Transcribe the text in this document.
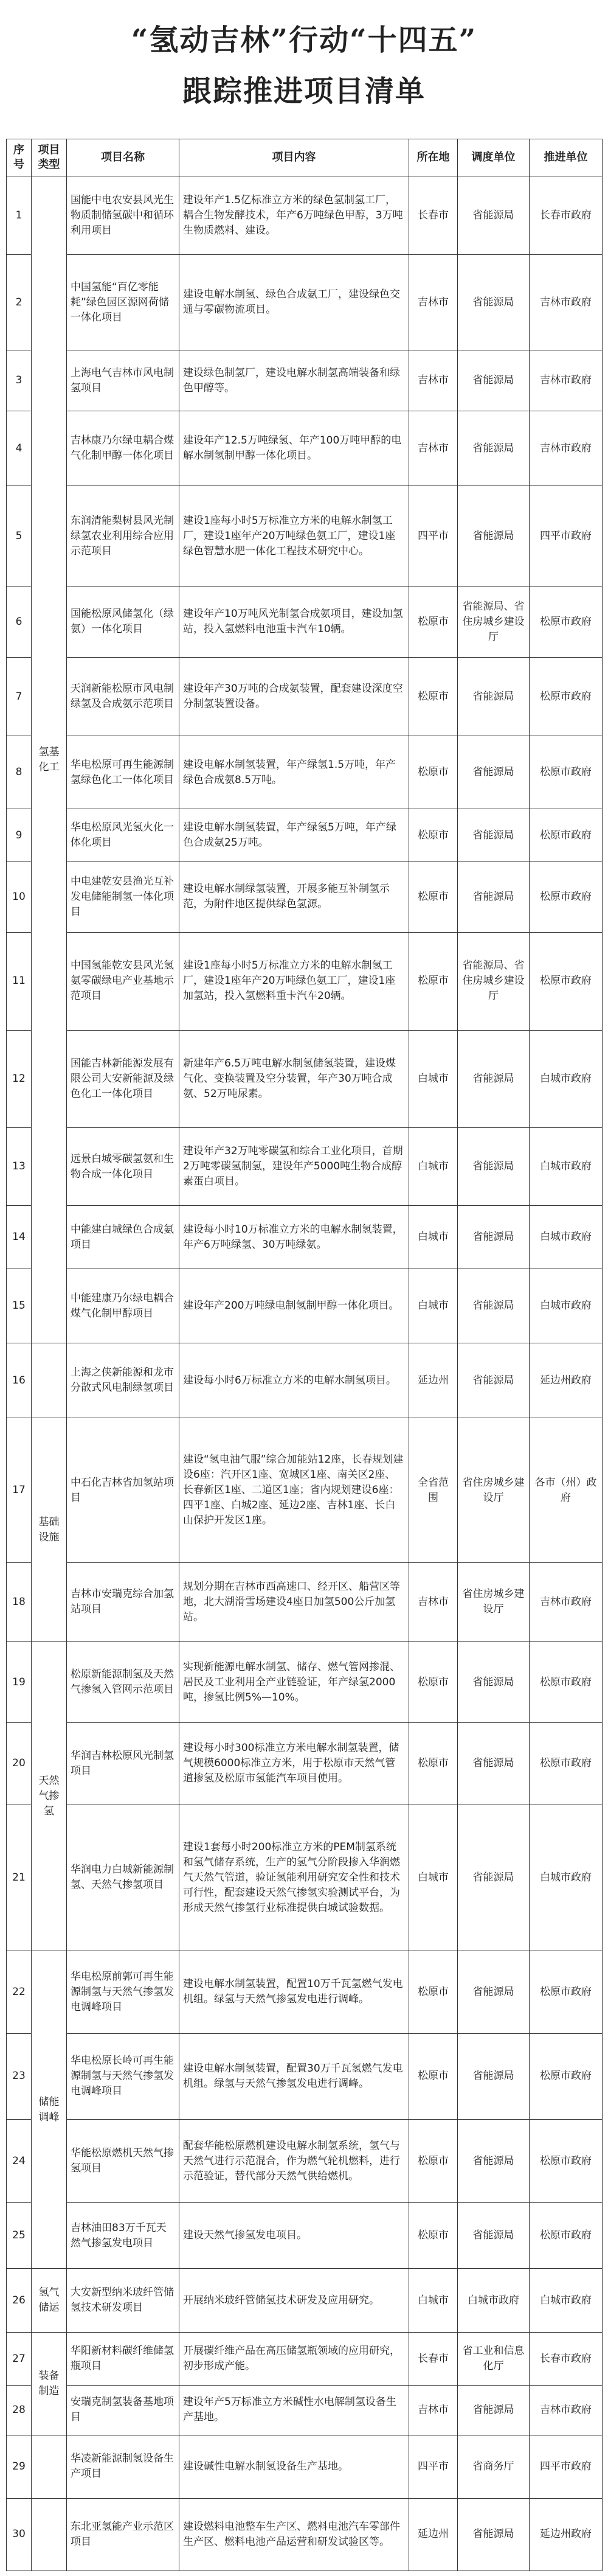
“氢动吉林”行动“十四五”
跟踪推进项目清单
序号	项目类型	项目名称	项目内容	所在地	调度单位	推进单位
1	氢基化工	国能中电农安县风光生物质制储氢碳中和循环利用项目	建设年产1.5亿标准立方米的绿色氢制氢工厂，耦合生物发酵技术，年产6万吨绿色甲醇，3万吨生物质燃料、建设。	长春市	省能源局	长春市政府
2		中国氢能“百亿零能耗”绿色园区源网荷储一体化项目	建设电解水制氢、绿色合成氨工厂，建设绿色交通与零碳物流项目。	吉林市	省能源局	吉林市政府
3		上海电气吉林市风电制氢项目	建设绿色制氢厂，建设电解水制氢高端装备和绿色甲醇等。	吉林市	省能源局	吉林市政府
4		吉林康乃尔绿电耦合煤气化制甲醇一体化项目	建设年产12.5万吨绿氢、年产100万吨甲醇的电解水制氢制甲醇一体化项目。	吉林市	省能源局	吉林市政府
5		东润清能梨树县风光制绿氢农业利用综合应用示范项目	建设1座每小时5万标准立方米的电解水制氢工厂，建设1座年产20万吨绿色氨工厂，建设1座绿色智慧水肥一体化工程技术研究中心。	四平市	省能源局	四平市政府
6		国能松原风储氢化（绿氨）一体化项目	建设年产10万吨风光制氢合成氨项目，建设加氢站，投入氢燃料电池重卡汽车10辆。	松原市	省能源局、省住房城乡建设厅	松原市政府
7		天润新能松原市风电制绿氢及合成氨示范项目	建设年产30万吨的合成氨装置，配套建设深度空分制氢装置设备。	松原市	省能源局	松原市政府
8		华电松原可再生能源制氢绿色化工一体化项目	建设电解水制氢装置，年产绿氢1.5万吨，年产绿色合成氨8.5万吨。	松原市	省能源局	松原市政府
9		华电松原风光氢火化一体化项目	建设电解水制氢装置，年产绿氢5万吨，年产绿色合成氨25万吨。	松原市	省能源局	松原市政府
10		中电建乾安县渔光互补发电储能制氢一体化项目	建设电解水制绿氢装置，开展多能互补制氢示范，为附件地区提供绿色氢源。	松原市	省能源局	松原市政府
11		中国氢能乾安县风光氢氨零碳绿电产业基地示范项目	建设1座每小时5万标准立方米的电解水制氢工厂，建设1座年产20万吨绿色氨工厂，建设1座加氢站，投入氢燃料重卡汽车20辆。	松原市	省能源局、省住房城乡建设厅	松原市政府
12		国能吉林新能源发展有限公司大安新能源及绿色化工一体化项目	新建年产6.5万吨电解水制氢储氢装置，建设煤气化、变换装置及空分装置，年产30万吨合成氨、52万吨尿素。	白城市	省能源局	白城市政府
13		远景白城零碳氢氨和生物合成一体化项目	建设年产32万吨零碳氢和综合工业化项目，首期2万吨零碳氢制氢，建设年产5000吨生物合成醇素蛋白项目。	白城市	省能源局	白城市政府
14		中能建白城绿色合成氨项目	建设每小时10万标准立方米的电解水制氢装置，年产6万吨绿氢、30万吨绿氨。	白城市	省能源局	白城市政府
15		中能建康乃尔绿电耦合煤气化制甲醇项目	建设年产200万吨绿电制氢制甲醇一体化项目。	白城市	省能源局	白城市政府
16		上海之侠新能源和龙市分散式风电制绿氢项目	建设每小时6万标准立方米的电解水制氢项目。	延边州	省能源局	延边州政府
17	基础设施	中石化吉林省加氢站项目	建设“氢电油气服”综合加能站12座，长春规划建设6座：汽开区1座、宽城区1座、南关区2座、长春新区1座、二道区1座；省内规划建设6座：四平1座、白城2座、延边2座、吉林1座、长白山保护开发区1座。	全省范围	省住房城乡建设厅	各市（州）政府
18		吉林市安瑞克综合加氢站项目	规划分期在吉林市西高速口、经开区、船营区等地，北大湖滑雪场建设4座日加氢500公斤加氢站。	吉林市	省住房城乡建设厅	吉林市政府
19	天然气掺氢	松原新能源制氢及天然气掺氢入管网示范项目	实现新能源电解水制氢、储存、燃气管网掺混、居民及工业利用全产业链验证，年产绿氢2000吨，掺氢比例5%—10%。	松原市	省能源局	松原市政府
20		华润吉林松原风光制氢项目	建设每小时300标准立方米电解水制氢装置，储气规模6000标准立方米，用于松原市天然气管道掺氢及松原市氢能汽车项目使用。	松原市	省能源局	松原市政府
21		华润电力白城新能源制氢、天然气掺氢项目	建设1套每小时200标准立方米的PEM制氢系统和氢气储存系统，生产的氢气分阶段掺入华润燃气天然气管道，验证氢能利用研究安全性和技术可行性，配套建设天然气掺氢实验测试平台，为形成天然气掺氢行业标准提供白城试验数据。	白城市	省能源局	白城市政府
22	储能调峰	华电松原前郭可再生能源制氢与天然气掺氢发电调峰项目	建设电解水制氢装置，配置10万千瓦氢燃气发电机组。绿氢与天然气掺氢发电进行调峰。	松原市	省能源局	松原市政府
23		华电松原长岭可再生能源制氢与天然气掺氢发电调峰项目	建设电解水制氢装置，配置30万千瓦氢燃气发电机组。绿氢与天然气掺氢发电进行调峰。	松原市	省能源局	松原市政府
24		华能松原燃机天然气掺氢项目	配套华能松原燃机建设电解水制氢系统，氢气与天然气进行示范混合，作为燃气轮机燃料，进行示范验证，替代部分天然气供给燃机。	松原市	省能源局	松原市政府
25		吉林油田83万千瓦天然气掺氢发电项目	建设天然气掺氢发电项目。	松原市	省能源局	松原市政府
26	氢气储运	大安新型纳米玻纤管储氢技术研发项目	开展纳米玻纤管储氢技术研发及应用研究。	白城市	白城市政府	白城市政府
27	装备制造	华阳新材料碳纤维储氢瓶项目	开展碳纤维产品在高压储氢瓶领域的应用研究，初步形成产能。	长春市	省工业和信息化厅	长春市政府
28		安瑞克制氢装备基地项目	建设年产5万标准立方米碱性水电解制氢设备生产基地。	吉林市	省能源局	吉林市政府
29		华凌新能源制氢设备生产项目	建设碱性电解水制氢设备生产基地。	四平市	省商务厅	四平市政府
30		东北亚氢能产业示范区项目	建设燃料电池整车生产区、燃料电池汽车零部件生产区、燃料电池产品运营和研发试验区等。	延边州	省能源局	延边州政府
